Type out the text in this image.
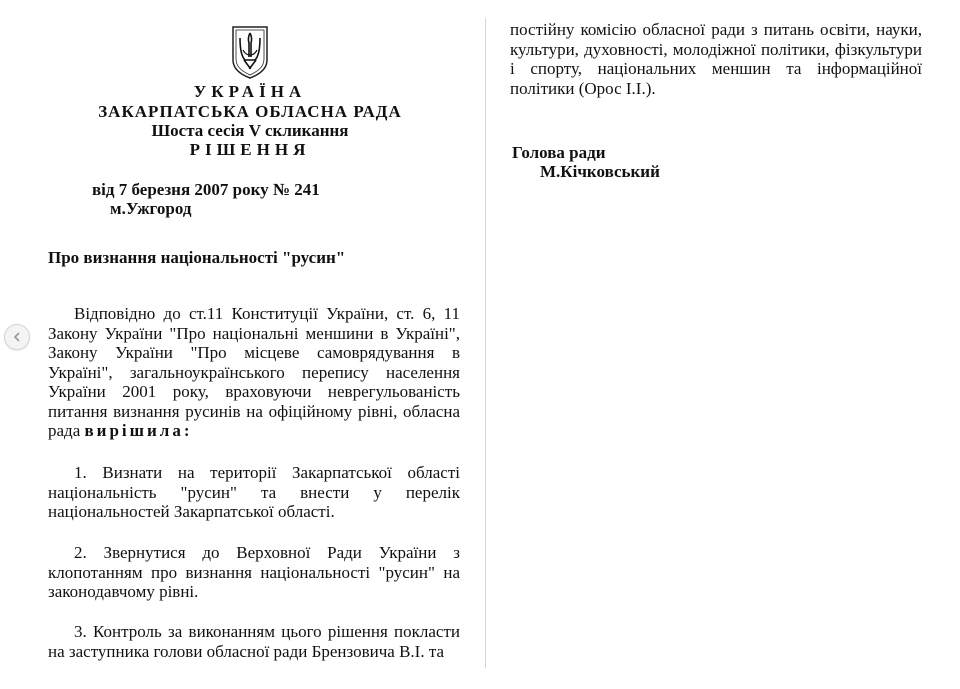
УКРАЇНА
ЗАКАРПАТСЬКА ОБЛАСНА РАДА
Шоста сесія V скликання
РІШЕННЯ
від 7 березня 2007 року № 241
м.Ужгород
Про визнання національності "русин"

Відповідно до ст.11 Конституції України, ст. 6, 11 Закону України "Про національні меншини в Україні", Закону України "Про місцеве самоврядування в Україні", загальноукраїнського перепису населення України 2001 року, враховуючи неврегульованість питання визнання русинів на офіційному рівні, обласна рада вирішила:

1. Визнати на території Закарпатської області національність "русин" та внести у перелік національностей Закарпатської області.

2. Звернутися до Верховної Ради України з клопотанням про визнання національності "русин" на законодавчому рівні.

3. Контроль за виконанням цього рішення покласти на заступника голови обласної ради Брензовича В.І. та

постійну комісію обласної ради з питань освіти, науки, культури, духовності, молодіжної політики, фізкультури і спорту, національних меншин та інформаційної політики (Орос І.І.).

Голова ради
М.Кічковський
